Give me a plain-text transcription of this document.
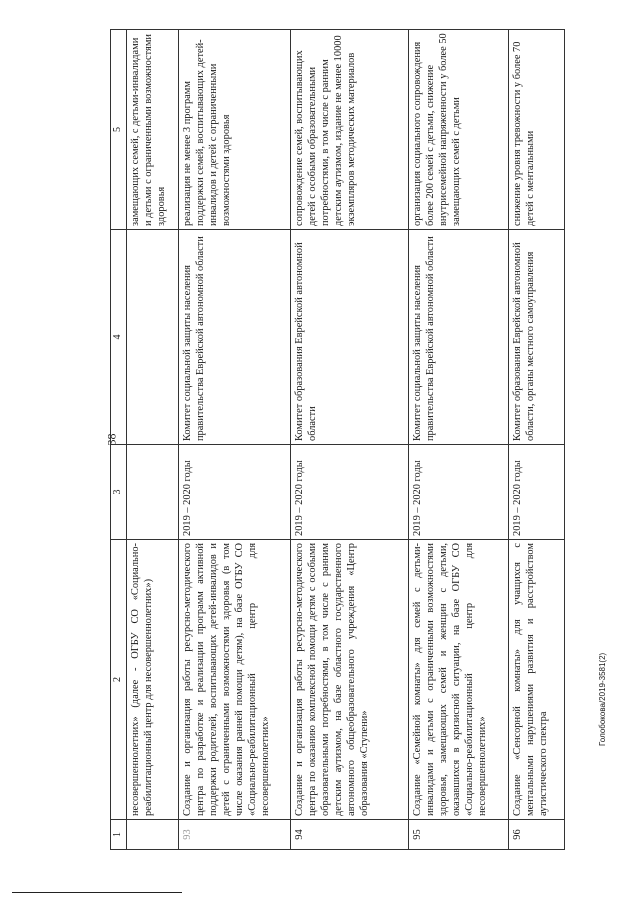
38
1	2	3	4	5
	несовершеннолетних» (далее - ОГБУ СО «Социально-реабилитационный центр для несовершеннолетних»)			замещающих семей, с детьми-инвалидами и детьми с ограниченными возможностями здоровья
93	Создание и организация работы ресурсно-методического центра по разработке и реализации программ активной поддержки родителей, воспитывающих детей-инвалидов и детей с ограниченными возможностями здоровья (в том числе оказания ранней помощи детям), на базе ОГБУ СО «Социально-реабилитационный центр для несовершеннолетних»	2019 – 2020 годы	Комитет социальной защиты населения правительства Еврейской автономной области	реализация не менее 3 программ поддержки семей, воспитывающих детей-инвалидов и детей с ограниченными возможностями здоровья
94	Создание и организация работы ресурсно-методического центра по оказанию комплексной помощи детям с особыми образовательными потребностями, в том числе с ранним детским аутизмом, на базе областного государственного автономного общеобразовательного учреждения «Центр образования «Ступени»	2019 – 2020 годы	Комитет образования Еврейской автономной области	сопровождение семей, воспитывающих детей с особыми образовательными потребностями, в том числе с ранним детским аутизмом, издание не менее 10000 экземпляров методических материалов
95	Создание «Семейной комнаты» для семей с детьми-инвалидами и детьми с ограниченными возможностями здоровья, замещающих семей и женщин с детьми, оказавшихся в кризисной ситуации, на базе ОГБУ СО «Социально-реабилитационный центр для несовершеннолетних»	2019 – 2020 годы	Комитет социальной защиты населения правительства Еврейской автономной области	организация социального сопровождения более 200 семей с детьми, снижение внутрисемейной напряженности у более 50 замещающих семей с детьми
96	Создание «Сенсорной комнаты» для учащихся с ментальными нарушениями развития и расстройством аутистического спектра	2019 – 2020 годы	Комитет образования Еврейской автономной области, органы местного самоуправления	снижение уровня тревожности у более 70 детей с ментальными
Голобокова/2019-3581(2)
